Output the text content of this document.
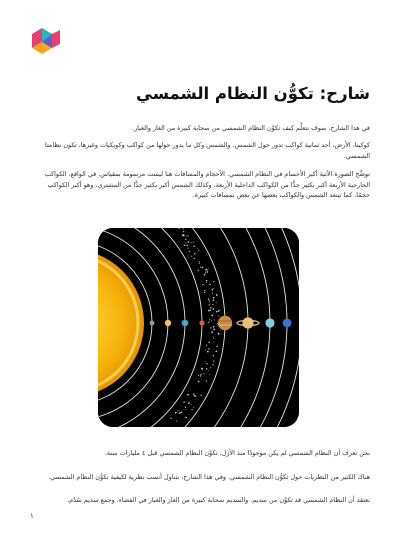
شارح: تكوُّن النظام الشمسي

في هذا الشارح، سوف نتعلَّم كيف تكوَّن النظام الشمسي من سحابة كبيرة من الغاز والغبار.

كوكبنا، الأرض، أحد ثمانية كواكب تدور حول الشمس. والشمس وكل ما يدور حولها من كواكب وكويكبات وغيرها، تكون نظامنا الشمسي.

توضِّح الصورة الآتية أكبر الأجسام في النظام الشمسي. الأحجام والمسافات هنا ليست مرسومة بمقياس. في الواقع، الكواكب الخارجية الأربعة أكبر بكثير جدًّا من الكواكب الداخلية الأربعة، وكذلك الشمس أكبر بكثير جدًّا من المشتري، وهو أكبر الكواكب حجمًا. كما تبتعد الشمس والكواكب بعضها عن بعض بمسافات كبيرة.

نحن نعرف أن النظام الشمسي لم يكن موجودًا منذ الأزل. تكوَّن النظام الشمسي قبل ٤ مليارات سنة.

هناك الكثير من النظريات حول تكوُّن النظام الشمسي. وفي هذا الشارح، نتناول أنسب نظرية لكيفية تكوُّن النظام الشمسي.

نعتقد أن النظام الشمسي قد تكوَّن من سديم. والسديم سحابة كبيرة من الغاز والغبار في الفضاء، وجمع سديم سُدُم.

١
